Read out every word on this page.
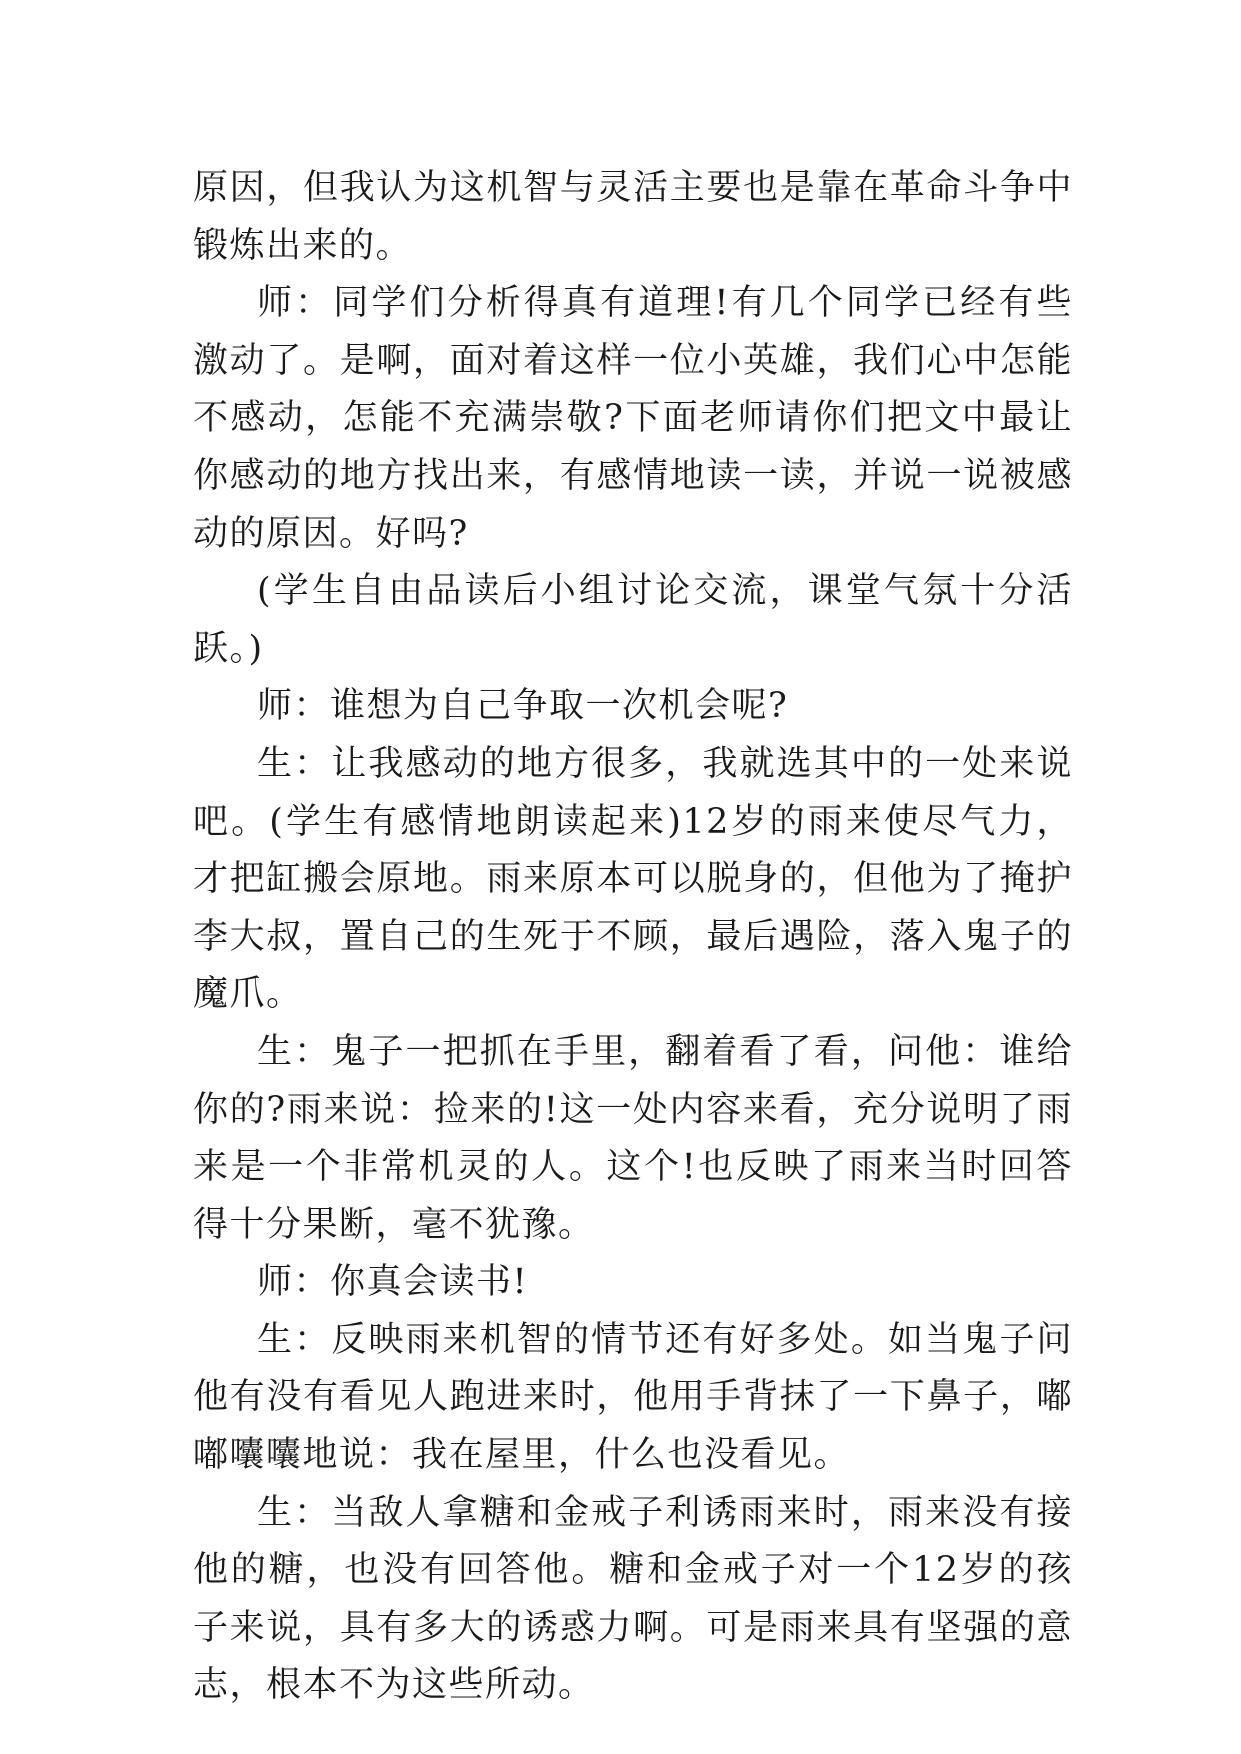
原因，但我认为这机智与灵活主要也是靠在革命斗争中锻炼出来的。

师：同学们分析得真有道理!有几个同学已经有些激动了。是啊，面对着这样一位小英雄，我们心中怎能不感动，怎能不充满崇敬?下面老师请你们把文中最让你感动的地方找出来，有感情地读一读，并说一说被感动的原因。好吗?

(学生自由品读后小组讨论交流，课堂气氛十分活跃。)

师：谁想为自己争取一次机会呢?

生：让我感动的地方很多，我就选其中的一处来说吧。(学生有感情地朗读起来)12岁的雨来使尽气力，才把缸搬会原地。雨来原本可以脱身的，但他为了掩护李大叔，置自己的生死于不顾，最后遇险，落入鬼子的魔爪。

生：鬼子一把抓在手里，翻着看了看，问他：谁给你的?雨来说：捡来的!这一处内容来看，充分说明了雨来是一个非常机灵的人。这个!也反映了雨来当时回答得十分果断，毫不犹豫。

师：你真会读书!

生：反映雨来机智的情节还有好多处。如当鬼子问他有没有看见人跑进来时，他用手背抹了一下鼻子，嘟嘟囔囔地说：我在屋里，什么也没看见。

生：当敌人拿糖和金戒子利诱雨来时，雨来没有接他的糖，也没有回答他。糖和金戒子对一个12岁的孩子来说，具有多大的诱惑力啊。可是雨来具有坚强的意志，根本不为这些所动。
